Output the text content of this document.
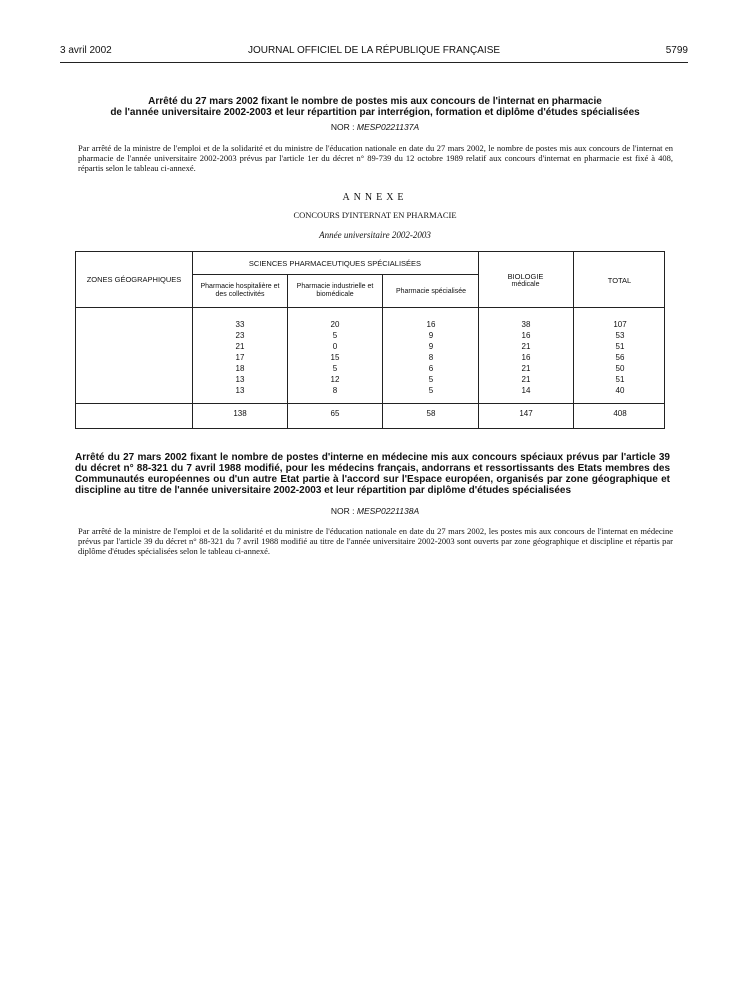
3 avril 2002	JOURNAL OFFICIEL DE LA RÉPUBLIQUE FRANÇAISE	5799
Arrêté du 27 mars 2002 fixant le nombre de postes mis aux concours de l'internat en pharmacie
de l'année universitaire 2002-2003 et leur répartition par interrégion, formation et diplôme d'études spécialisées
NOR : MESP0221137A
Par arrêté de la ministre de l'emploi et de la solidarité et du ministre de l'éducation nationale en date du 27 mars 2002, le nombre de postes mis aux concours de l'internat en pharmacie de l'année universitaire 2002-2003 prévus par l'article 1er du décret n° 89-739 du 12 octobre 1989 relatif aux concours d'internat en pharmacie est fixé à 408, répartis selon le tableau ci-annexé.
ANNEXE
CONCOURS D'INTERNAT EN PHARMACIE
Année universitaire 2002-2003
ZONES GÉOGRAPHIQUES
SCIENCES PHARMACEUTIQUES SPÉCIALISÉES
Pharmacie hospitalière et des collectivités
Pharmacie industrielle et biomédicale	Pharmacie spécialisée
BIOLOGIE
médicale	TOTAL
33	20	16	38	107
23	5	9	16	53
21	0	9	21	51
17	15	8	16	56
18	5	6	21	50
13	12	5	21	51
13	8	5	14	40
138	65	58	147	408
Arrêté du 27 mars 2002 fixant le nombre de postes d'interne en médecine mis aux concours spéciaux prévus par l'article 39 du décret n° 88-321 du 7 avril 1988 modifié, pour les médecins français, andorrans et ressortissants des Etats membres des Communautés européennes ou d'un autre Etat partie à l'accord sur l'Espace européen, organisés par zone géographique et discipline au titre de l'année universitaire 2002-2003 et leur répartition par diplôme d'études spécialisées
NOR : MESP0221138A
Par arrêté de la ministre de l'emploi et de la solidarité et du ministre de l'éducation nationale en date du 27 mars 2002, les postes mis aux concours de l'internat en médecine prévus par l'article 39 du décret n° 88-321 du 7 avril 1988 modifié au titre de l'année universitaire 2002-2003 sont ouverts par zone géographique et discipline et répartis par diplôme d'études spécialisées selon le tableau ci-annexé.
